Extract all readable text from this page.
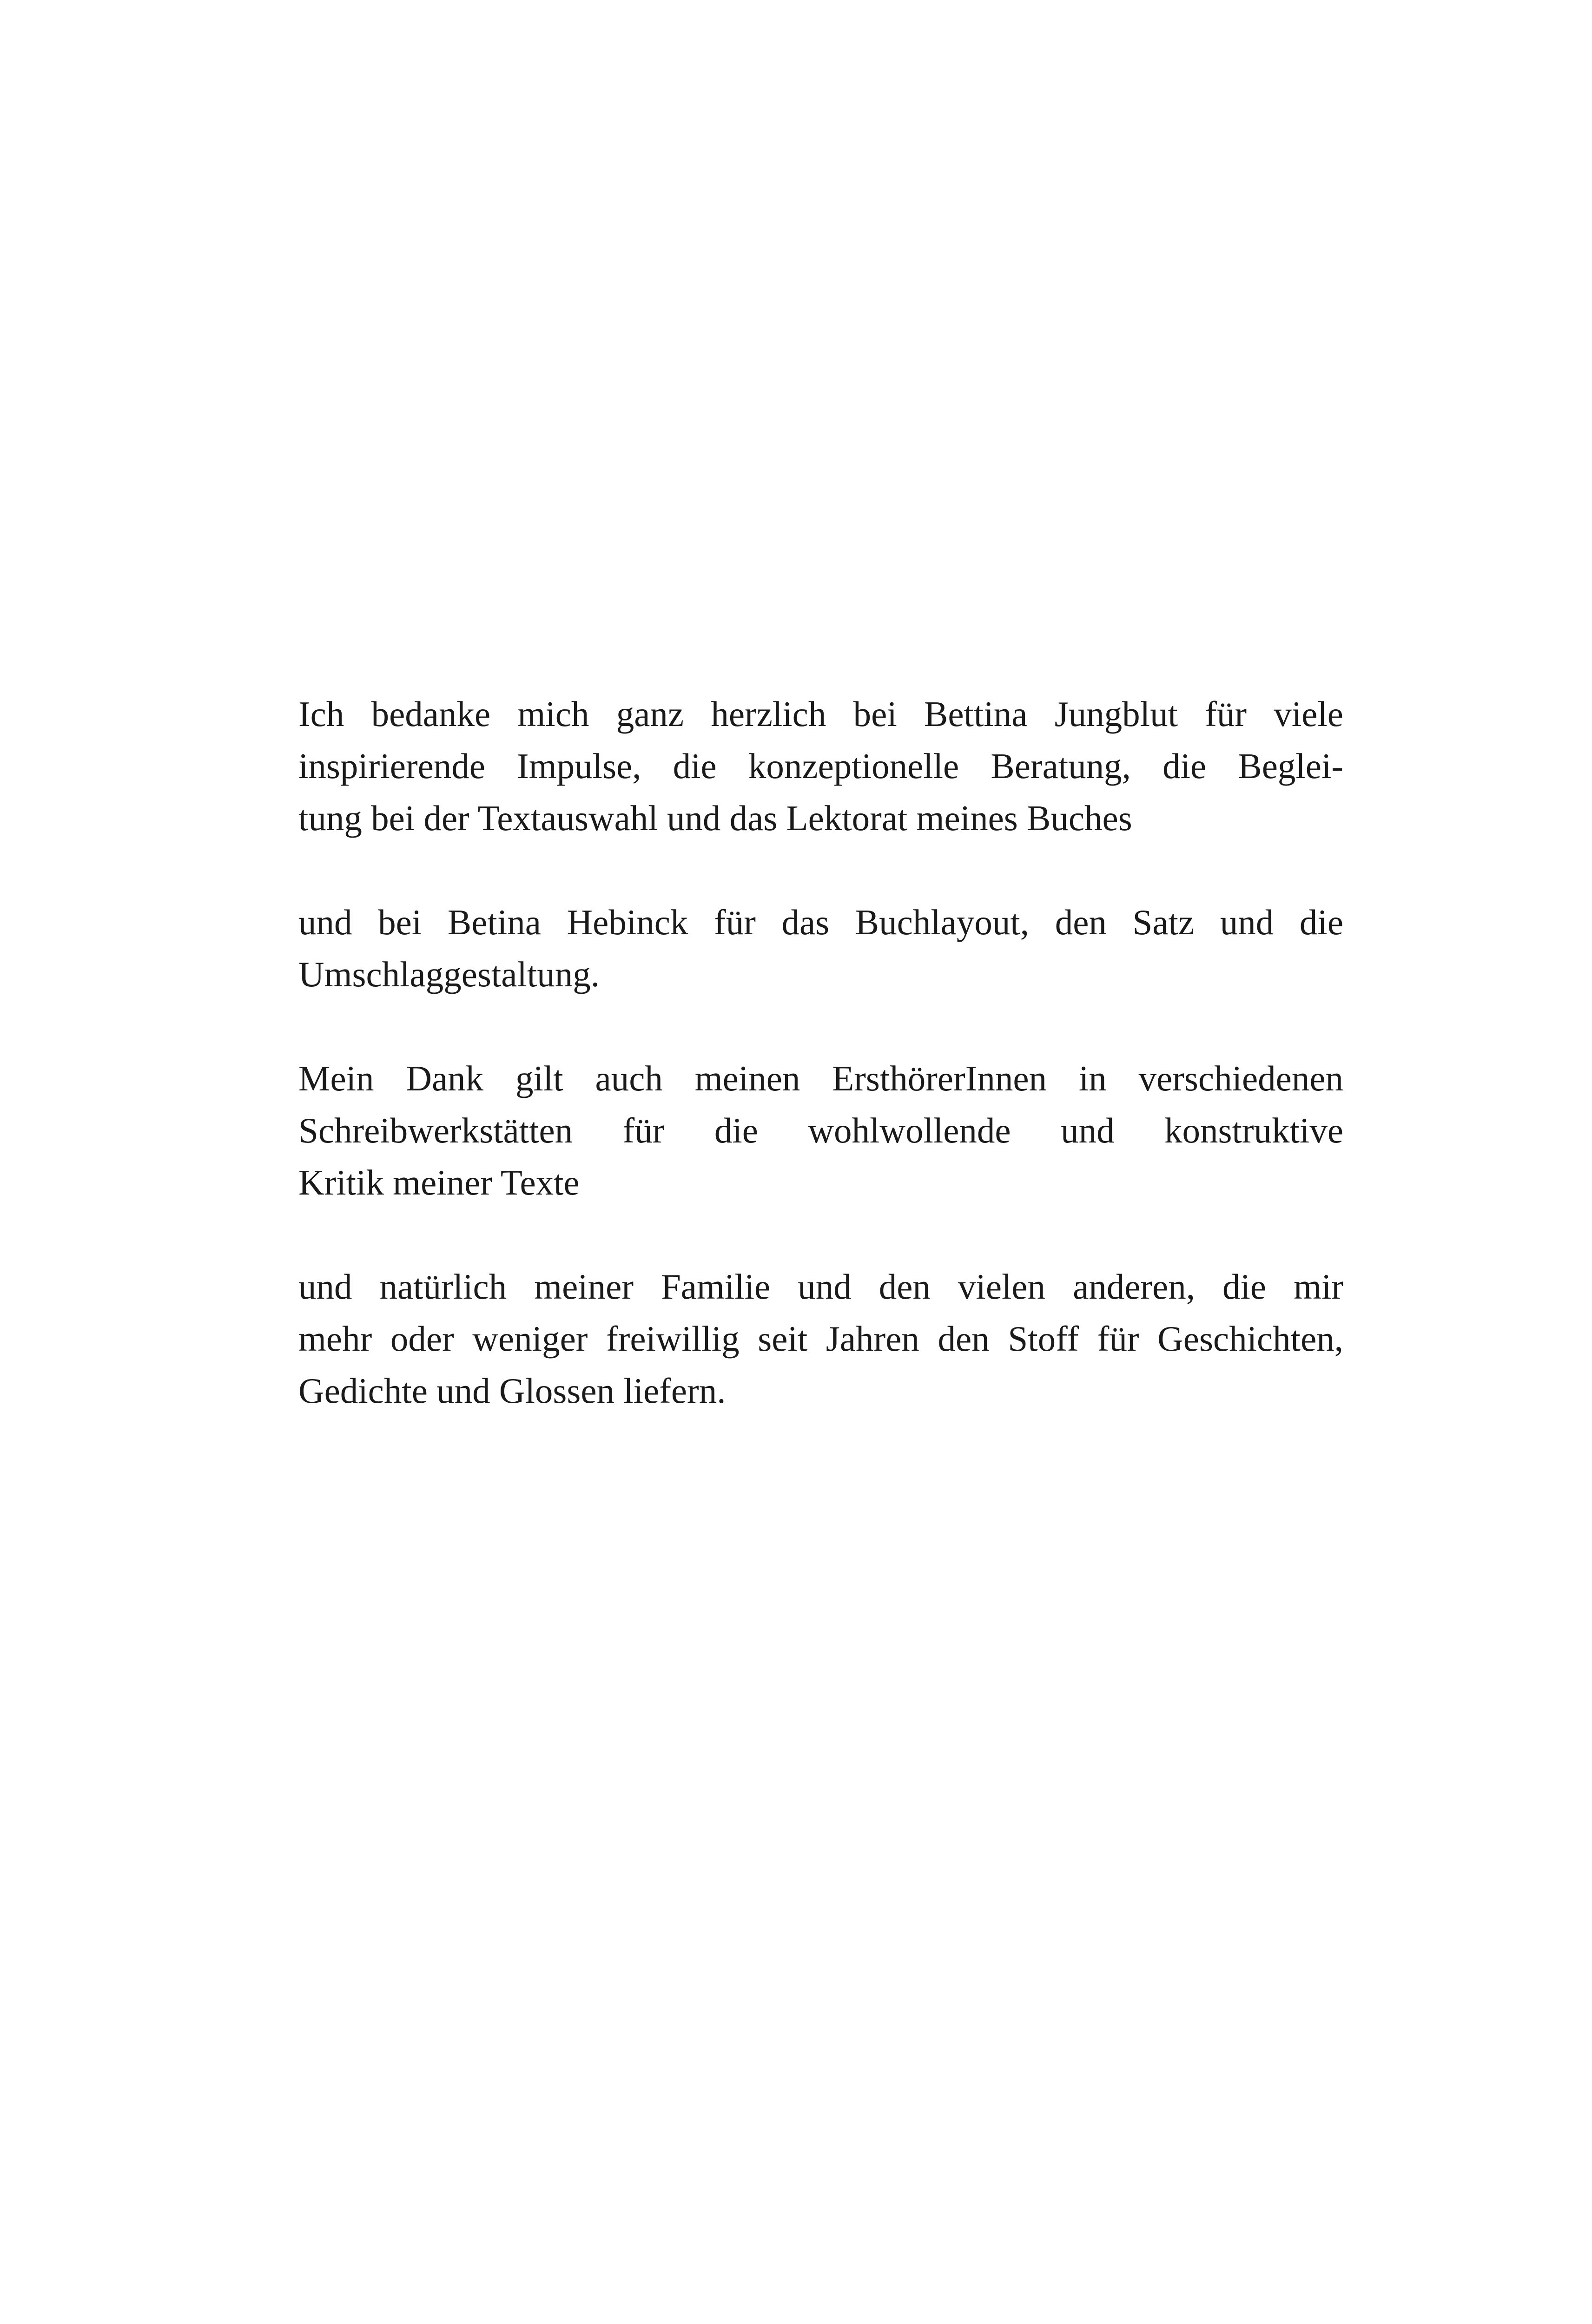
Ich bedanke mich ganz herzlich bei Bettina Jungblut für viele
inspirierende Impulse, die konzeptionelle Beratung, die Beglei-
tung bei der Textauswahl und das Lektorat meines Buches
und bei Betina Hebinck für das Buchlayout, den Satz und die
Umschlaggestaltung.
Mein Dank gilt auch meinen ErsthörerInnen in verschiedenen
Schreibwerkstätten für die wohlwollende und konstruktive
Kritik meiner Texte
und natürlich meiner Familie und den vielen anderen, die mir
mehr oder weniger freiwillig seit Jahren den Stoff für Geschichten,
Gedichte und Glossen liefern.
